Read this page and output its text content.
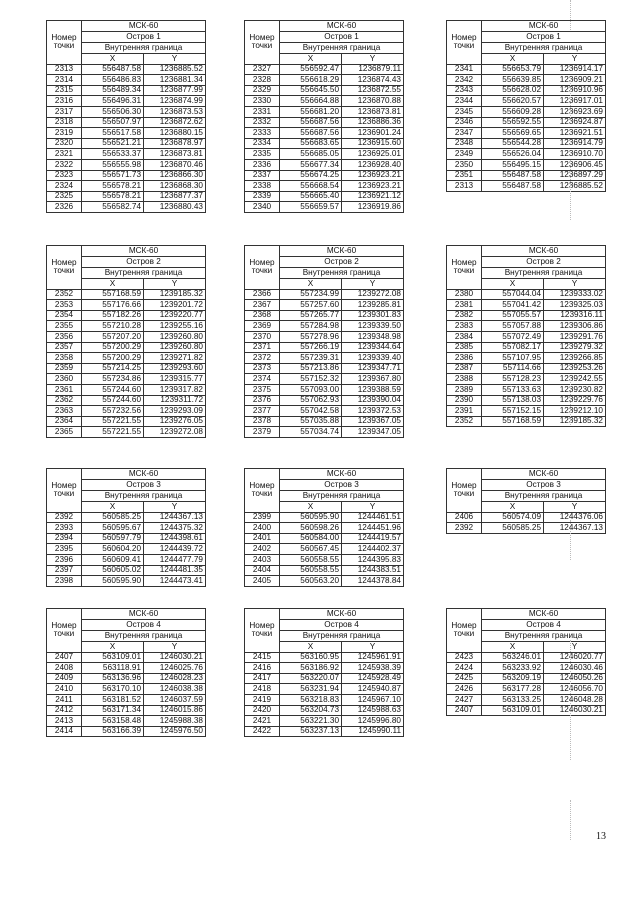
Номер
точки	МСК-60	
	Остров 1	
	Внутренняя граница	
	X	Y
2313	556487.58	1236885.52
2314	556486.83	1236881.34
2315	556489.34	1236877.99
2316	556496.31	1236874.99
2317	556506.30	1236873.53
2318	556507.97	1236872.62
2319	556517.58	1236880.15
2320	556521.21	1236878.97
2321	556533.37	1236873.81
2322	556555.98	1236870.46
2323	556571.73	1236866.30
2324	556578.21	1236868.30
2325	556578.21	1236877.37
2326	556582.74	1236880.43
Номер
точки	МСК-60	
	Остров 1	
	Внутренняя граница	
	X	Y
2327	556592.47	1236879.11
2328	556618.29	1236874.43
2329	556645.50	1236872.55
2330	556664.88	1236870.88
2331	556681.20	1236873.81
2332	556687.56	1236886.36
2333	556687.56	1236901.24
2334	556683.65	1236915.60
2335	556685.05	1236925.01
2336	556677.34	1236928.40
2337	556674.25	1236923.21
2338	556668.54	1236923.21
2339	556665.40	1236921.12
2340	556659.57	1236919.86
Номер
точки	МСК-60	
	Остров 1	
	Внутренняя граница	
	X	Y
2341	556653.79	1236914.17
2342	556639.85	1236909.21
2343	556628.02	1236910.96
2344	556620.57	1236917.01
2345	556609.28	1236923.69
2346	556592.55	1236924.87
2347	556569.65	1236921.51
2348	556544.28	1236914.79
2349	556526.04	1236910.70
2350	556495.15	1236906.45
2351	556487.58	1236897.29
2313	556487.58	1236885.52
Номер
точки	МСК-60	
	Остров 2	
	Внутренняя граница	
	X	Y
2352	557168.59	1239185.32
2353	557176.66	1239201.72
2354	557182.26	1239220.77
2355	557210.28	1239255.16
2356	557207.20	1239260.80
2357	557200.29	1239260.80
2358	557200.29	1239271.82
2359	557214.25	1239293.60
2360	557234.86	1239315.77
2361	557244.60	1239317.82
2362	557244.60	1239311.72
2363	557232.56	1239293.09
2364	557221.55	1239276.05
2365	557221.55	1239272.08
Номер
точки	МСК-60	
	Остров 2	
	Внутренняя граница	
	X	Y
2366	557234.99	1239272.08
2367	557257.60	1239285.81
2368	557265.77	1239301.83
2369	557284.98	1239339.50
2370	557278.96	1239348.98
2371	557266.19	1239344.64
2372	557239.31	1239339.40
2373	557213.86	1239347.71
2374	557152.32	1239367.80
2375	557093.00	1239388.59
2376	557062.93	1239390.04
2377	557042.58	1239372.53
2378	557035.88	1239367.05
2379	557034.74	1239347.05
Номер
точки	МСК-60	
	Остров 2	
	Внутренняя граница	
	X	Y
2380	557044.04	1239333.02
2381	557041.42	1239325.03
2382	557055.57	1239316.11
2383	557057.88	1239306.86
2384	557072.49	1239291.76
2385	557082.17	1239279.32
2386	557107.95	1239266.85
2387	557114.66	1239253.26
2388	557128.23	1239242.55
2389	557133.63	1239230.82
2390	557138.03	1239229.76
2391	557152.15	1239212.10
2352	557168.59	1239185.32
Номер
точки	МСК-60	
	Остров 3	
	Внутренняя граница	
	X	Y
2392	560585.25	1244367.13
2393	560595.67	1244375.32
2394	560597.79	1244398.61
2395	560604.20	1244439.72
2396	560609.41	1244477.79
2397	560605.02	1244481.35
2398	560595.90	1244473.41
Номер
точки	МСК-60	
	Остров 3	
	Внутренняя граница	
	X	Y
2399	560595.90	1244461.51
2400	560598.26	1244451.96
2401	560584.00	1244419.57
2402	560567.45	1244402.37
2403	560558.55	1244395.83
2404	560558.55	1244383.51
2405	560563.20	1244378.84
Номер
точки	МСК-60	
	Остров 3	
	Внутренняя граница	
	X	Y
2406	560574.09	1244376.06
2392	560585.25	1244367.13
Номер
точки	МСК-60	
	Остров 4	
	Внутренняя граница	
	X	Y
2407	563109.01	1246030.21
2408	563118.91	1246025.76
2409	563136.96	1246028.23
2410	563170.10	1246038.38
2411	563181.52	1246037.59
2412	563171.34	1246015.86
2413	563158.48	1245988.38
2414	563166.39	1245976.50
Номер
точки	МСК-60	
	Остров 4	
	Внутренняя граница	
	X	Y
2415	563160.95	1245961.91
2416	563186.92	1245938.39
2417	563220.07	1245928.49
2418	563231.94	1245940.87
2419	563218.83	1245967.10
2420	563204.73	1245988.63
2421	563221.30	1245996.80
2422	563237.13	1245990.11
Номер
точки	МСК-60	
	Остров 4	
	Внутренняя граница	
	X	Y
2423	563246.01	1246020.77
2424	563233.92	1246030.46
2425	563209.19	1246050.26
2426	563177.28	1246056.70
2427	563133.25	1246048.28
2407	563109.01	1246030.21
13
